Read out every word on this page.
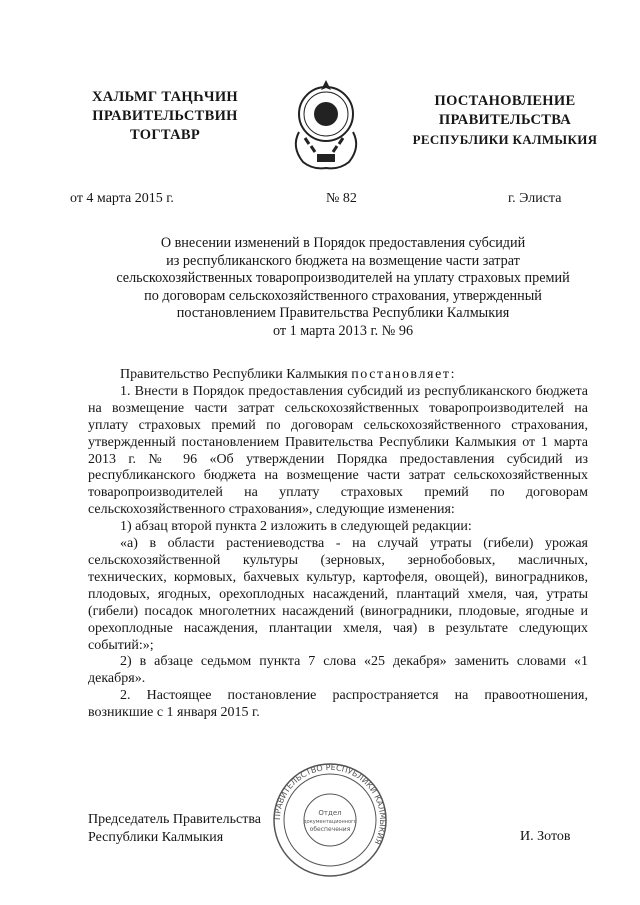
ХАЛЬМГ ТАҢҺЧИН
ПРАВИТЕЛЬСТВИН
ТОГТАВР
ПОСТАНОВЛЕНИЕ
ПРАВИТЕЛЬСТВА
РЕСПУБЛИКИ КАЛМЫКИЯ
от 4 марта 2015 г.	№ 82	г. Элиста
О внесении изменений в Порядок предоставления субсидий
из республиканского бюджета на возмещение части затрат
сельскохозяйственных товаропроизводителей на уплату страховых премий
по договорам сельскохозяйственного страхования, утвержденный
постановлением Правительства Республики Калмыкия
от 1 марта 2013 г. № 96

Правительство Республики Калмыкия постановляет:

1. Внести в Порядок предоставления субсидий из республиканского бюджета на возмещение части затрат сельскохозяйственных товаропроизводителей на уплату страховых премий по договорам сельскохозяйственного страхования, утвержденный постановлением Правительства Республики Калмыкия от 1 марта 2013 г. № 96 «Об утверждении Порядка предоставления субсидий из республиканского бюджета на возмещение части затрат сельскохозяйственных товаропроизводителей на уплату страховых премий по договорам сельскохозяйственного страхования», следующие изменения:

1) абзац второй пункта 2 изложить в следующей редакции:

«а) в области растениеводства - на случай утраты (гибели) урожая сельскохозяйственной культуры (зерновых, зернобобовых, масличных, технических, кормовых, бахчевых культур, картофеля, овощей), виноградников, плодовых, ягодных, орехоплодных насаждений, плантаций хмеля, чая, утраты (гибели) посадок многолетних насаждений (виноградники, плодовые, ягодные и орехоплодные насаждения, плантации хмеля, чая) в результате следующих событий:»;

2) в абзаце седьмом пункта 7 слова «25 декабря» заменить словами «1 декабря».

2. Настоящее постановление распространяется на правоотношения, возникшие с 1 января 2015 г.

Председатель Правительства
Республики Калмыкия	И. Зотов
ПРАВИТЕЛЬСТВО РЕСПУБЛИКИ КАЛМЫКИЯ
Отдел
документационного
обеспечения
